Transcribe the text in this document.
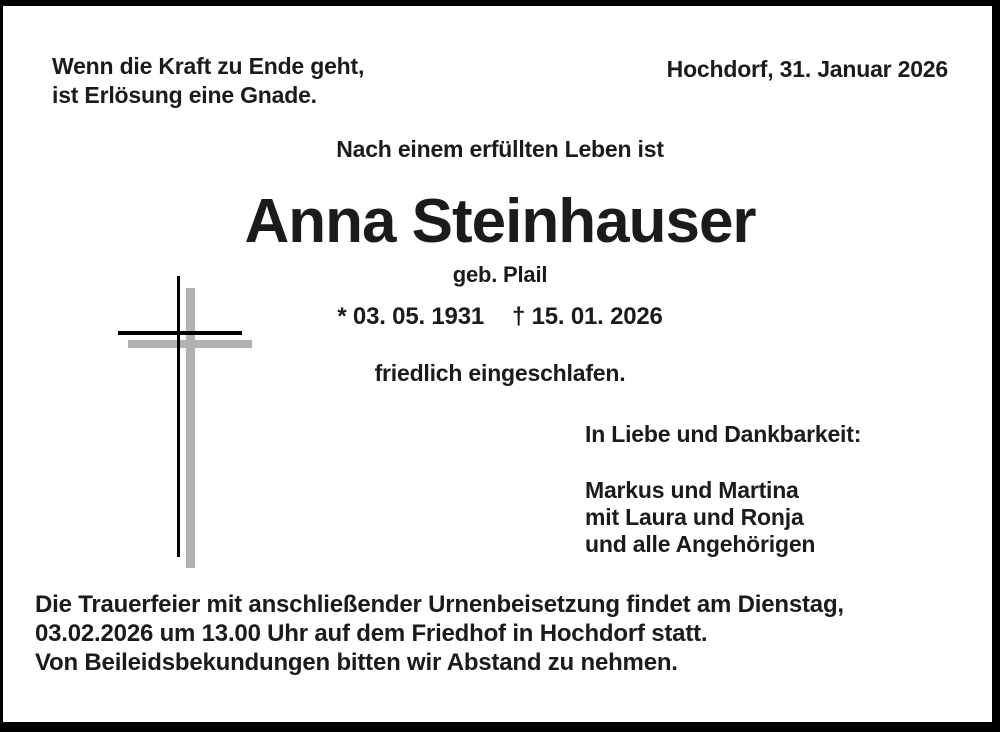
Wenn die Kraft zu Ende geht,
ist Erlösung eine Gnade.
Hochdorf, 31. Januar 2026
Nach einem erfüllten Leben ist
Anna Steinhauser
geb. Plail
* 03. 05. 1931 † 15. 01. 2026
friedlich eingeschlafen.
In Liebe und Dankbarkeit:
Markus und Martina
mit Laura und Ronja
und alle Angehörigen
Die Trauerfeier mit anschließender Urnenbeisetzung findet am Dienstag,
03.02.2026 um 13.00 Uhr auf dem Friedhof in Hochdorf statt.
Von Beileidsbekundungen bitten wir Abstand zu nehmen.
